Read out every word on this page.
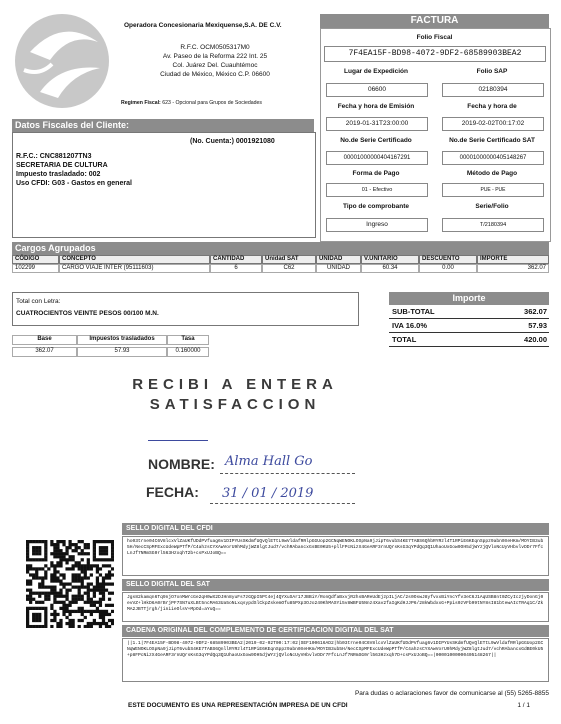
Operadora Concesionaria Mexiquense,S.A. DE C.V.
R.F.C. OCM0505317M0
Av. Paseo de la Reforma 222 Int. 25
Col. Juárez Del. Cuauhtémoc
Ciudad de México, México C.P. 06600
Regimen Fiscal: 623 - Opcional para Grupos de Sociedades
FACTURA
Folio Fiscal
7F4EA15F-BD98-4072-9DF2-68589903BEA2
Lugar de Expedición	Folio SAP
06600	02180394
Fecha y hora de Emisión	Fecha y hora de
2019-01-31T23:00:00	2019-02-02T00:17:02
No.de Serie Certificado	No.de Serie Certificado SAT
00001000000404167291	00001000000405148267
Forma de Pago	Método de Pago
01 - Efectivo	PUE - PUE
Tipo de comprobante	Serie/Folio
Ingreso	T/2180394
Datos Fiscales del Cliente:
(No. Cuenta:) 0001921080
R.F.C.: CNC881207TN3
SECRETARIA DE CULTURA
Impuesto trasladado: 002
Uso CFDI: G03 - Gastos en general
Cargos Agrupados
CÓDIGO	CONCEPTO	CANTIDAD	Unidad SAT	UNIDAD	V.UNITARIO	DESCUENTO	IMPORTE
102299	CARGO VIAJE INTER (95111603)	6	C62	UNIDAD	60.34	0.00	362.07
Total con Letra:
CUATROCIENTOS VEINTE PESOS 00/100 M.N.
Base	Impuestos trasladados	Tasa
362.07	57.93	0.160000
Importe
SUB-TOTAL	362.07
IVA 16.0%	57.93
TOTAL	420.00
RECIBI A ENTERA
SATISFACCION
NOMBRE: Alma Hall Go
FECHA: 31 / 01 / 2019
SELLO DIGITAL DEL CFDI
ho03trne04C6V8lcxVlZaUKfUDdPVfuag6v1DIPYUsSKdmfUQvQlETtL9wVldafRRlpGGUop2GCNqWENOKLOSpNa9jJipT6vubS4KE7TABS6QhbRYRzl4T1RPiE6KEqnSppz9abn0XeHKm/MOYIB3ub5H/NecCSpMFExcUdeWpPTfP/C4ahzsCYXAwVorU9hMdyjWZ8lgtJud7/vchRAbancxGsBE0KU5+pllFPcNizX4GeARF3rnUQrsKsG3qYPdQq3Q1UhaoUxGow9OH5djWYzjQVloNcUyVHbvlvDDr7FfcLnJf7NRmSG0rl563HzxqhT2b+csPxUJoBQ==
SELLO DIGITAL DEL SAT
Jgs82kamqn6Tq9njO7onMWrcGe2qH0wX2DJHn8yuFs7zGQpI5Pt4ej4QYXuSAr17JBBiY/RonQdfaBxvjR2hsBAReUdEjzpILjAC/2s0OswJ8yfvxxBiYncYfv3eC6J1AqUSB8nt0ZCyIczjyDonGj0evVZ+lHkD6A0rBrjPF7SN7uXLBt5ncMA63Ua5oNLxqsypdSlCkpZskemOfu85PXp3OJo240KhMASYi5v8WBFU5Nnz4Xav2faIgKdHJJP6/28kWbdxxG+Ppis0zVFb99tNY8sI81btewAIcTRAq1C/ZkMA2JBTTjrgh/jiniieOlsV+MpOd=aYuQ==
CADENA ORIGINAL DEL COMPLEMENTO DE CERTIFICACION DIGITAL DEL SAT
||1.1|7F4EA15F-BD98-4072-9DF2-68589903BEA2|2019-02-02T00:17:02|SEF100616AD2|hb03trne04C6V8lcxVlZaUKfUDdPVfuag6v1DIPYUsSKdmfUQvQlETtL9wVldafRRlpGGUop2GCNqWENOKLOSpNa9jJipT6vubS4KE7TABS6QnllRYRzl4T1RPiE6KEqnSppz9abn0XeHKm/MOYIB3ub5H/NecCSpMFExcUdeWpPTfP/C4ahzsCYXAwVorU9hMdyjWZ8lgtJud7/vchRAbancxGdBE0kU5+p8FPcNizX4GeARF3rnUQrsKsG3qYPdQq3Q1UhaoUxGow9OH5djWYzjQVloNcUyVHbvlvDDr7FfcLnJf7NRmSG0rl563Hzxqh7D+csPxUJoBQ==|00001000000405148267||
Para dudas o aclaraciones favor de comunicarse al (55) 5265-8855
ESTE DOCUMENTO ES UNA REPRESENTACIÓN IMPRESA DE UN CFDI	1 / 1
